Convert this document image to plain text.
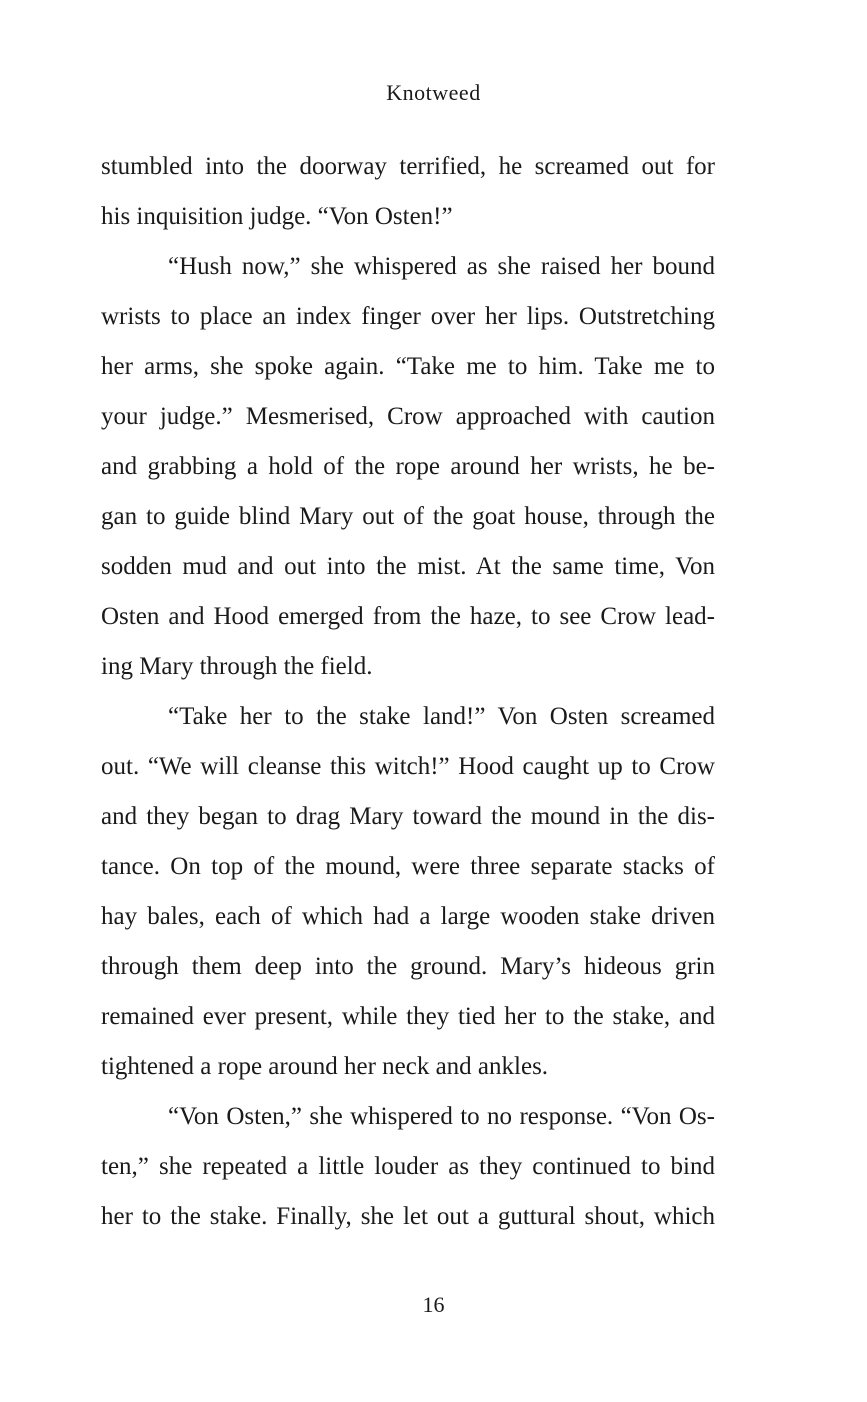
Knotweed
stumbled into the doorway terrified, he screamed out for
his inquisition judge. “Von Osten!”
“Hush now,” she whispered as she raised her bound
wrists to place an index finger over her lips. Outstretching
her arms, she spoke again. “Take me to him. Take me to
your judge.” Mesmerised, Crow approached with caution
and grabbing a hold of the rope around her wrists, he be-
gan to guide blind Mary out of the goat house, through the
sodden mud and out into the mist. At the same time, Von
Osten and Hood emerged from the haze, to see Crow lead-
ing Mary through the field.
“Take her to the stake land!” Von Osten screamed
out. “We will cleanse this witch!” Hood caught up to Crow
and they began to drag Mary toward the mound in the dis-
tance. On top of the mound, were three separate stacks of
hay bales, each of which had a large wooden stake driven
through them deep into the ground. Mary’s hideous grin
remained ever present, while they tied her to the stake, and
tightened a rope around her neck and ankles.
“Von Osten,” she whispered to no response. “Von Os-
ten,” she repeated a little louder as they continued to bind
her to the stake. Finally, she let out a guttural shout, which
16
